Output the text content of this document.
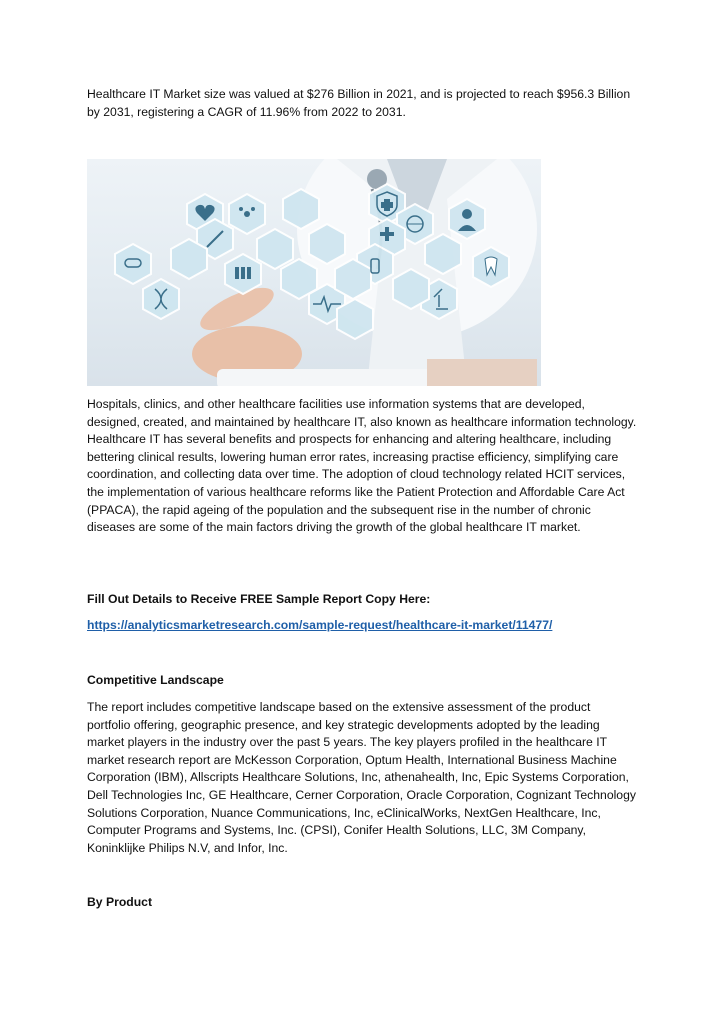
Healthcare IT Market size was valued at $276 Billion in 2021, and is projected to reach $956.3 Billion by 2031, registering a CAGR of 11.96% from 2022 to 2031.

Hospitals, clinics, and other healthcare facilities use information systems that are developed, designed, created, and maintained by healthcare IT, also known as healthcare information technology. Healthcare IT has several benefits and prospects for enhancing and altering healthcare, including bettering clinical results, lowering human error rates, increasing practise efficiency, simplifying care coordination, and collecting data over time. The adoption of cloud technology related HCIT services, the implementation of various healthcare reforms like the Patient Protection and Affordable Care Act (PPACA), the rapid ageing of the population and the subsequent rise in the number of chronic diseases are some of the main factors driving the growth of the global healthcare IT market.

Fill Out Details to Receive FREE Sample Report Copy Here:

https://analyticsmarketresearch.com/sample-request/healthcare-it-market/11477/

Competitive Landscape

The report includes competitive landscape based on the extensive assessment of the product portfolio offering, geographic presence, and key strategic developments adopted by the leading market players in the industry over the past 5 years. The key players profiled in the healthcare IT market research report are McKesson Corporation, Optum Health, International Business Machine Corporation (IBM), Allscripts Healthcare Solutions, Inc, athenahealth, Inc, Epic Systems Corporation, Dell Technologies Inc, GE Healthcare, Cerner Corporation, Oracle Corporation, Cognizant Technology Solutions Corporation, Nuance Communications, Inc, eClinicalWorks, NextGen Healthcare, Inc, Computer Programs and Systems, Inc. (CPSI), Conifer Health Solutions, LLC, 3M Company, Koninklijke Philips N.V, and Infor, Inc.

By Product
